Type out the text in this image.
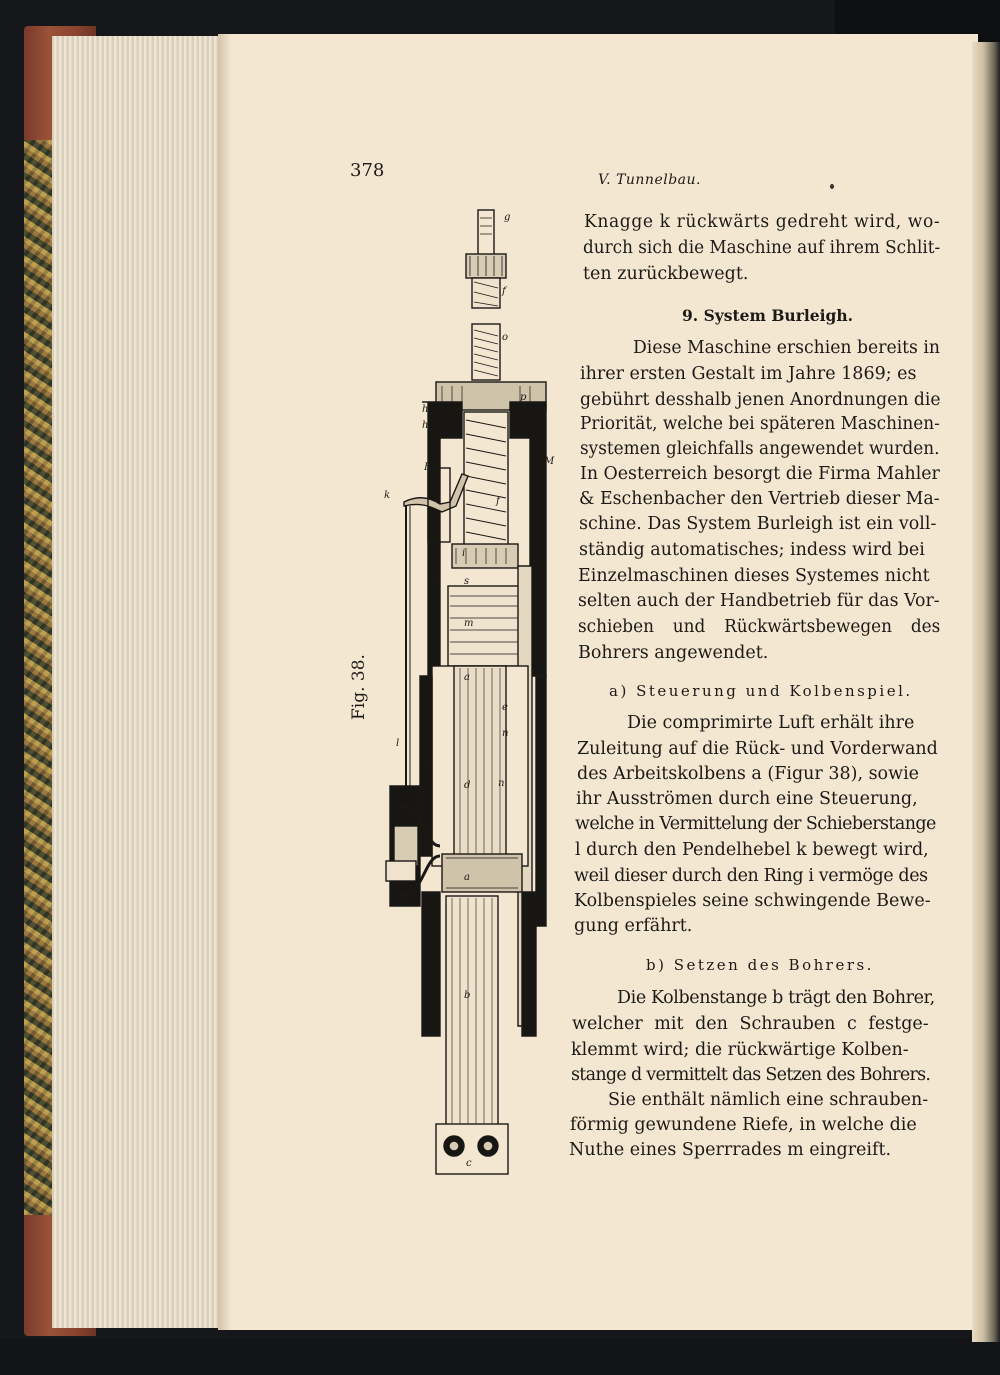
378	V. Tunnelbau.
Fig. 38.
g
f
o
h
p
h
H
k
M
f
i
x	s
m
l
x
a
d	n
e
n
a
b
c
Knagge k rückwärts gedreht wird, wo-
durch sich die Maschine auf ihrem Schlit-
ten zurückbewegt.
9. System Burleigh.
Diese Maschine erschien bereits in
ihrer ersten Gestalt im Jahre 1869; es
gebührt desshalb jenen Anordnungen die
Priorität, welche bei späteren Maschinen-
systemen gleichfalls angewendet wurden.
In Oesterreich besorgt die Firma Mahler
& Eschenbacher den Vertrieb dieser Ma-
schine. Das System Burleigh ist ein voll-
ständig automatisches; indess wird bei
Einzelmaschinen dieses Systemes nicht
selten auch der Handbetrieb für das Vor-
schieben und Rückwärtsbewegen des
Bohrers angewendet.
a) Steuerung und Kolbenspiel.
Die comprimirte Luft erhält ihre
Zuleitung auf die Rück- und Vorderwand
des Arbeitskolbens a (Figur 38), sowie
ihr Ausströmen durch eine Steuerung,
welche in Vermittelung der Schieberstange
l durch den Pendelhebel k bewegt wird,
weil dieser durch den Ring i vermöge des
Kolbenspieles seine schwingende Bewe-
gung erfährt.
b) Setzen des Bohrers.
Die Kolbenstange b trägt den Bohrer,
welcher mit den Schrauben c festge-
klemmt wird; die rückwärtige Kolben-
stange d vermittelt das Setzen des Bohrers.
Sie enthält nämlich eine schrauben-
förmig gewundene Riefe, in welche die
Nuthe eines Sperrrades m eingreift.
